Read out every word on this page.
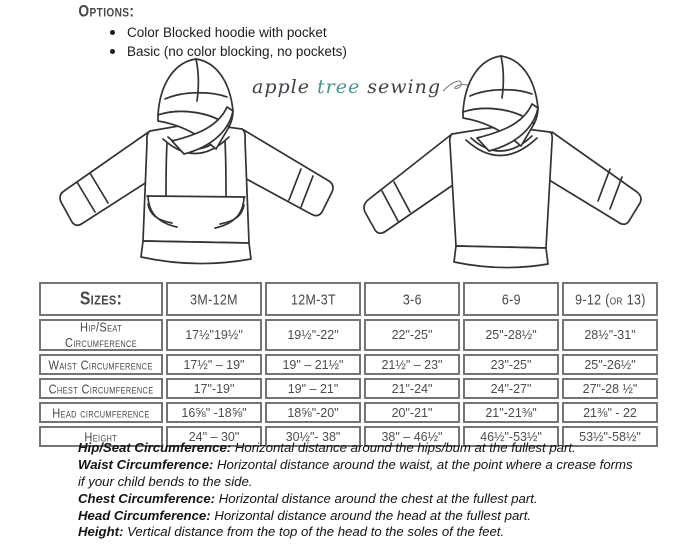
Options:
Color Blocked hoodie with pocket
Basic (no color blocking, no pockets)
apple tree sewing
Sizes:	3M-12M	12M-3T	3-6	6-9	9-12 (or 13)
Hip/Seat Circumference	17½"19½"	19½"-22"	22"-25"	25"-28½"	28½"-31"
Waist Circumference	17½" – 19"	19" – 21½"	21½" – 23"	23"-25"	25"-26½"
Chest Circumference	17"-19"	19" – 21"	21"-24"	24"-27"	27"-28 ½"
Head circumference	16⅝" -18⅝"	18⅝"-20"	20"-21"	21"-21⅜"	21⅜" - 22
Height	24" – 30"	30½"- 38"	38" – 46½"	46½"-53½"	53½"-58½"

Hip/Seat Circumference: Horizontal distance around the hips/bum at the fullest part.

Waist Circumference: Horizontal distance around the waist, at the point where a crease forms if your child bends to the side.

Chest Circumference: Horizontal distance around the chest at the fullest part.

Head Circumference: Horizontal distance around the head at the fullest part.

Height: Vertical distance from the top of the head to the soles of the feet.
